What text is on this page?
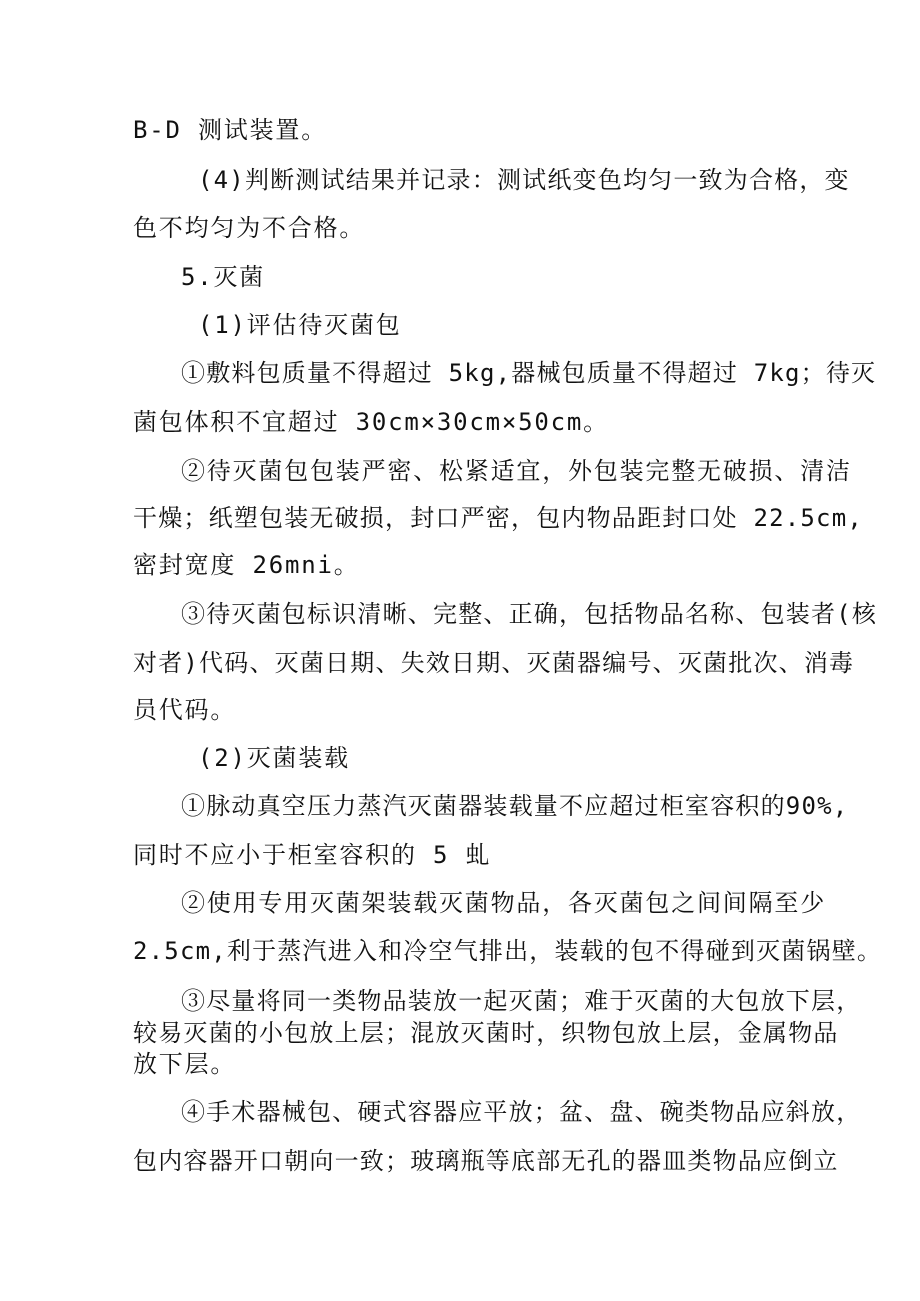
B-D 测试装置。
(4)判断测试结果并记录：测试纸变色均匀一致为合格，变
色不均匀为不合格。
5.灭菌
(1)评估待灭菌包
①敷料包质量不得超过 5kg,器械包质量不得超过 7kg；待灭
菌包体积不宜超过 30cm×30cm×50cm。
②待灭菌包包装严密、松紧适宜，外包装完整无破损、清洁
干燥；纸塑包装无破损，封口严密，包内物品距封口处 22.5cm,
密封宽度 26mni。
③待灭菌包标识清晰、完整、正确，包括物品名称、包装者(核
对者)代码、灭菌日期、失效日期、灭菌器编号、灭菌批次、消毒
员代码。
(2)灭菌装载
①脉动真空压力蒸汽灭菌器装载量不应超过柜室容积的90%,
同时不应小于柜室容积的 5 虬
②使用专用灭菌架装载灭菌物品，各灭菌包之间间隔至少
2.5cm,利于蒸汽进入和冷空气排出，装载的包不得碰到灭菌锅壁。
③尽量将同一类物品装放一起灭菌；难于灭菌的大包放下层，
较易灭菌的小包放上层；混放灭菌时，织物包放上层，金属物品
放下层。
④手术器械包、硬式容器应平放；盆、盘、碗类物品应斜放，
包内容器开口朝向一致；玻璃瓶等底部无孔的器皿类物品应倒立
